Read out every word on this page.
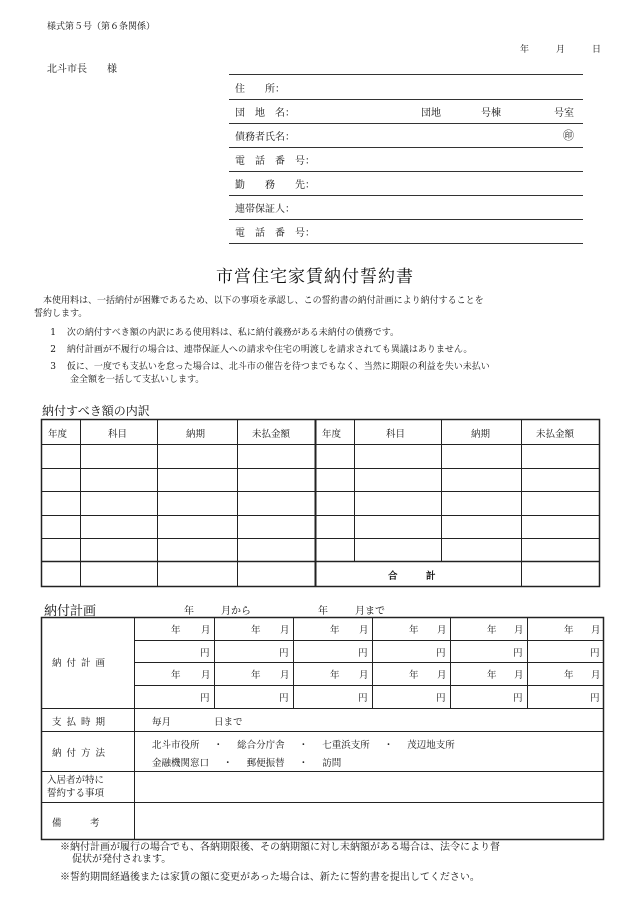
様式第５号（第６条関係）
年	月	日
北斗市長　　様
住　　所：
団　地　名：	団地	号棟	号室
債務者氏名：	㊞
電　話　番　号：
勤　　務　　先：
連帯保証人：
電　話　番　号：
市営住宅家賃納付誓約書
本使用料は、一括納付が困難であるため、以下の事項を承認し、この誓約書の納付計画により納付することを
誓約します。
1 次の納付すべき額の内訳にある使用料は、私に納付義務がある未納付の債務です。
2 納付計画が不履行の場合は、連帯保証人への請求や住宅の明渡しを請求されても異議はありません。
3 仮に、一度でも支払いを怠った場合は、北斗市の催告を待つまでもなく、当然に期限の利益を失い未払い
金全額を一括して支払いします。
納付すべき額の内訳
年度	科目	納期	未払金額	年度	科目	納期	未払金額
合　　　計
納付計画	年	月から	年	月まで
納付計画
年 月	年 月	年 月	年 月	年 月	年 月
円	円	円	円	円	円
年 月	年 月	年 月	年 月	年 月	年 月
円	円	円	円	円	円
支払時期	毎月	日まで
納付方法
北斗市役所 ・ 総合分庁舎 ・ 七重浜支所 ・ 茂辺地支所
金融機関窓口 ・ 郵便振替 ・ 訪問
入居者が特に
誓約する事項
備　　　考
※納付計画が履行の場合でも、各納期限後、その納期額に対し未納額がある場合は、法令により督
促状が発付されます。
※誓約期間経過後または家賃の額に変更があった場合は、新たに誓約書を提出してください。
